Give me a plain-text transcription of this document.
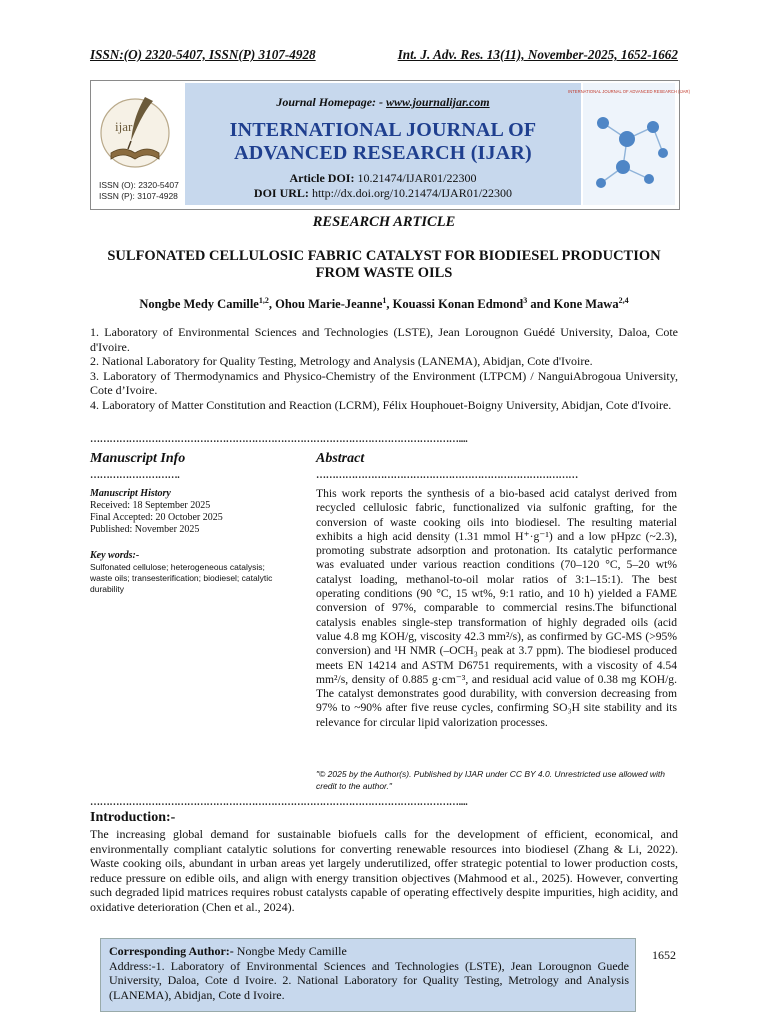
ISSN:(O) 2320-5407, ISSN(P) 3107-4928	Int. J. Adv. Res. 13(11), November-2025, 1652-1662
ijar
ISSN (O): 2320-5407
ISSN (P): 3107-4928
Journal Homepage: - www.journalijar.com
INTERNATIONAL JOURNAL OF
ADVANCED RESEARCH (IJAR)
Article DOI: 10.21474/IJAR01/22300
DOI URL: http://dx.doi.org/10.21474/IJAR01/22300
INTERNATIONAL JOURNAL OF ADVANCED RESEARCH (IJAR)
RESEARCH ARTICLE
SULFONATED CELLULOSIC FABRIC CATALYST FOR BIODIESEL PRODUCTION
FROM WASTE OILS
Nongbe Medy Camille$^{1,2}$, Ohou Marie-Jeanne$^1$, Kouassi Konan Edmond$^3$ and Kone Mawa$^{2,4}$

1. Laboratory of Environmental Sciences and Technologies (LSTE), Jean Lorougnon Guédé University, Daloa, Cote d'Ivoire.

2. National Laboratory for Quality Testing, Metrology and Analysis (LANEMA), Abidjan, Cote d'Ivoire.

3. Laboratory of Thermodynamics and Physico-Chemistry of the Environment (LTPCM) / NanguiAbrogoua University, Cote d’Ivoire.

4. Laboratory of Matter Constitution and Reaction (LCRM), Félix Houphouet-Boigny University, Abidjan, Cote d'Ivoire.

……………………………………………………………………………………………………....
Manuscript Info	Abstract
……………………….	………………………………………………………………………
Manuscript History
Received: 18 September 2025
Final Accepted: 20 October 2025
Published: November 2025
Key words:-
Sulfonated cellulose; heterogeneous catalysis; waste oils; transesterification; biodiesel; catalytic durability
This work reports the synthesis of a bio-based acid catalyst derived from recycled cellulosic fabric, functionalized via sulfonic grafting, for the conversion of waste cooking oils into biodiesel. The resulting material exhibits a high acid density (1.31 mmol H⁺·g⁻¹) and a low pHpzc (~2.3), promoting substrate adsorption and protonation. Its catalytic performance was evaluated under various reaction conditions (70–120 °C, 5–20 wt% catalyst loading, methanol-to-oil molar ratios of 3:1–15:1). The best operating conditions (90 °C, 15 wt%, 9:1 ratio, and 10 h) yielded a FAME conversion of 97%, comparable to commercial resins.The bifunctional catalysis enables single-step transformation of highly degraded oils (acid value 4.8 mg KOH/g, viscosity 42.3 mm²/s), as confirmed by GC-MS (>95% conversion) and ¹H NMR (–OCH₃ peak at 3.7 ppm). The biodiesel produced meets EN 14214 and ASTM D6751 requirements, with a viscosity of 4.54 mm²/s, density of 0.885 g·cm⁻³, and residual acid value of 0.38 mg KOH/g. The catalyst demonstrates good durability, with conversion decreasing from 97% to ~90% after five reuse cycles, confirming SO₃H site stability and its relevance for circular lipid valorization processes.
"© 2025 by the Author(s). Published by IJAR under CC BY 4.0. Unrestricted use allowed with credit to the author."
……………………………………………………………………………………………………....
Introduction:-
The increasing global demand for sustainable biofuels calls for the development of efficient, economical, and environmentally compliant catalytic solutions for converting renewable resources into biodiesel (Zhang & Li, 2022). Waste cooking oils, abundant in urban areas yet largely underutilized, offer strategic potential to lower production costs, reduce pressure on edible oils, and align with energy transition objectives (Mahmood et al., 2025). However, converting such degraded lipid matrices requires robust catalysts capable of operating effectively despite impurities, high acidity, and oxidative deterioration (Chen et al., 2024).
Corresponding Author:- Nongbe Medy Camille
Address:-1. Laboratory of Environmental Sciences and Technologies (LSTE), Jean Lorougnon Guede University, Daloa, Cote d Ivoire. 2. National Laboratory for Quality Testing, Metrology and Analysis (LANEMA), Abidjan, Cote d Ivoire.
1652
